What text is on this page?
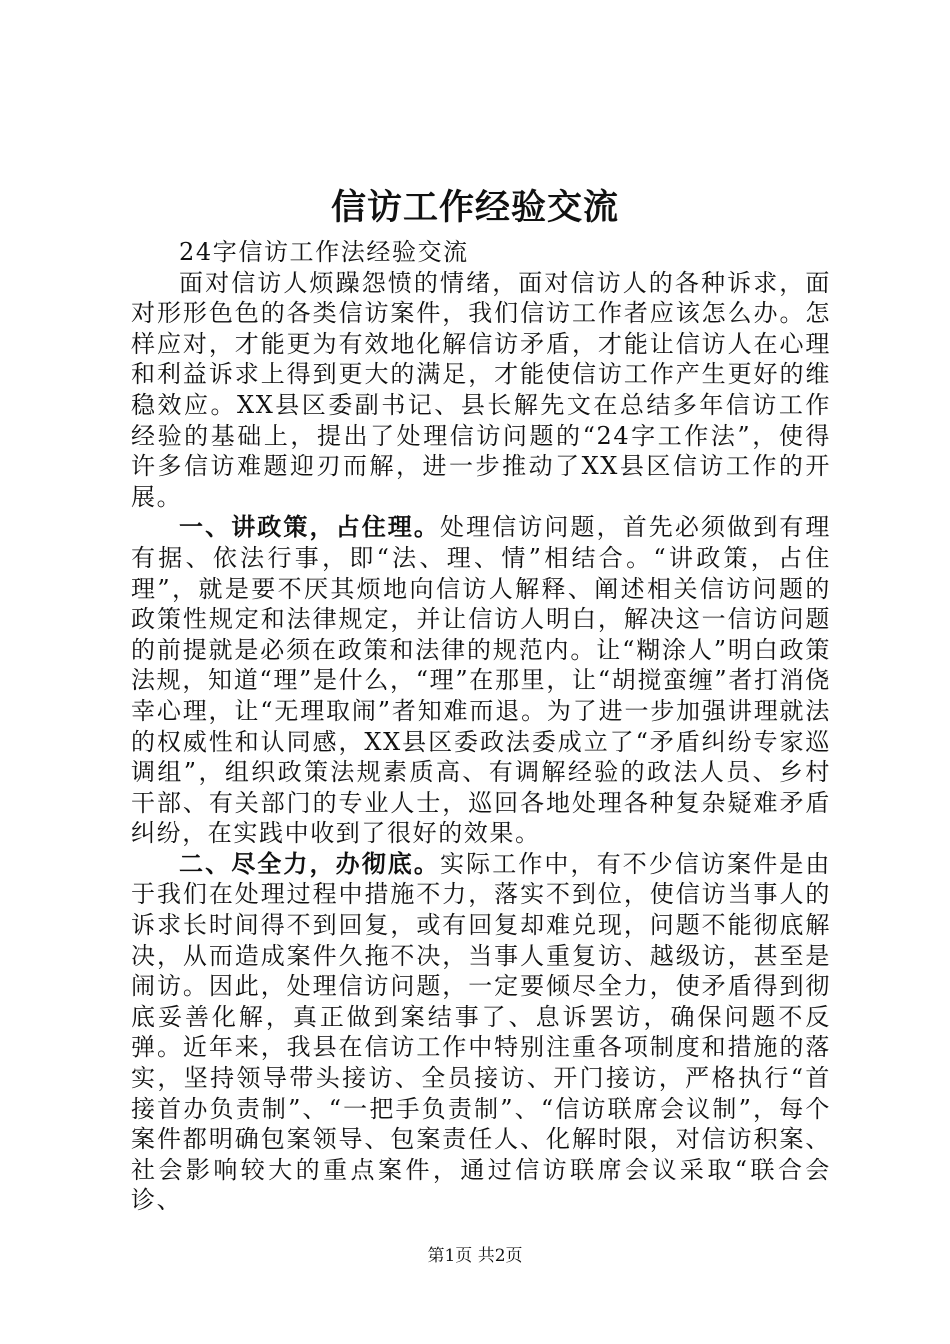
信访工作经验交流

24字信访工作法经验交流

面对信访人烦躁怨愤的情绪，面对信访人的各种诉求，面对形形色色的各类信访案件，我们信访工作者应该怎么办。怎样应对，才能更为有效地化解信访矛盾，才能让信访人在心理和利益诉求上得到更大的满足，才能使信访工作产生更好的维稳效应。XX县区委副书记、县长解先文在总结多年信访工作经验的基础上，提出了处理信访问题的“24字工作法”，使得许多信访难题迎刃而解，进一步推动了XX县区信访工作的开展。

一、讲政策，占住理。处理信访问题，首先必须做到有理有据、依法行事，即“法、理、情”相结合。“讲政策，占住理”，就是要不厌其烦地向信访人解释、阐述相关信访问题的政策性规定和法律规定，并让信访人明白，解决这一信访问题的前提就是必须在政策和法律的规范内。让“糊涂人”明白政策法规，知道“理”是什么，“理”在那里，让“胡搅蛮缠”者打消侥幸心理，让“无理取闹”者知难而退。为了进一步加强讲理就法的权威性和认同感，XX县区委政法委成立了“矛盾纠纷专家巡调组”，组织政策法规素质高、有调解经验的政法人员、乡村干部、有关部门的专业人士，巡回各地处理各种复杂疑难矛盾纠纷，在实践中收到了很好的效果。

二、尽全力，办彻底。实际工作中，有不少信访案件是由于我们在处理过程中措施不力，落实不到位，使信访当事人的诉求长时间得不到回复，或有回复却难兑现，问题不能彻底解决，从而造成案件久拖不决，当事人重复访、越级访，甚至是闹访。因此，处理信访问题，一定要倾尽全力，使矛盾得到彻底妥善化解，真正做到案结事了、息诉罢访，确保问题不反弹。近年来，我县在信访工作中特别注重各项制度和措施的落实，坚持领导带头接访、全员接访、开门接访，严格执行“首接首办负责制”、“一把手负责制”、“信访联席会议制”，每个案件都明确包案领导、包案责任人、化解时限，对信访积案、社会影响较大的重点案件，通过信访联席会议采取“联合会诊、

第1页 共2页
